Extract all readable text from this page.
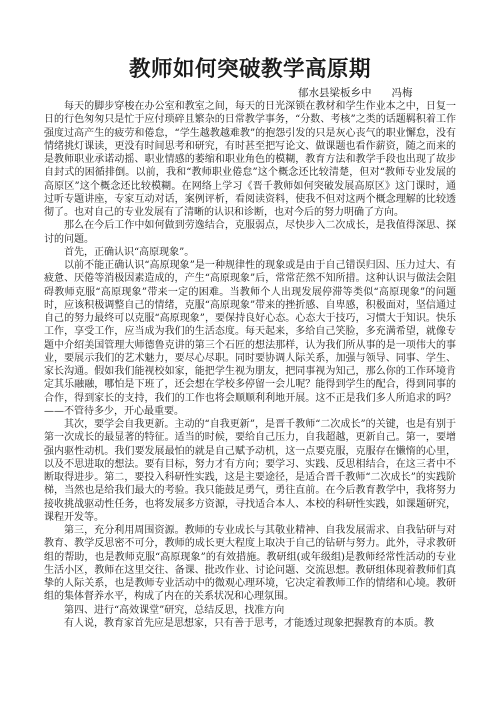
教师如何突破教学高原期
郁水县梁板乡中 冯梅

每天的脚步穿梭在办公室和教室之间，每天的日光深锁在教材和学生作业本之中，日复一日的行色匆匆只是忙于应付琐碎且繁杂的日常教学事务，“分数、考核”之类的话题羁积着工作强度过高产生的疲劳和倦怠，“学生越教越难教”的抱怨引发的只是灰心丧气的职业懈怠，没有情绪挑灯课读，更没有时间思考和研究，有时甚至把写论文、做课题也看作薪资，随之而来的是教师职业承诺动摇、职业情感的萎缩和职业角色的模糊，教育方法和教学手段也出现了故步自封式的困循排倒。以前，我和“教师职业倦怠”这个概念还比较清楚，但对“教师专业发展的高原区”这个概念还比较模糊。在网络上学习《晋千教师如何突破发展高原区》这门课时，通过听专题讲座，专家互动对话，案例评析，看阅读资料，使我不但对这两个概念理解的比较透彻了。也对自己的专业发展有了清晰的认识和诊断，也对今后的努力明确了方向。

那么在今后工作中如何做到劳逸结合，克服弱点，尽快步入二次成长，是我值得深思、探讨的问题。

首先，正确认识“高原现象”。

以前不能正确认识“高原现象”是一种规律性的现象或是由于自己错误归因、压力过大、有疲惫、厌倦等消极因素造成的，产生“高原现象”后，常常茫然不知所措。这种认识与做法会阻碍教师克服“高原现象”带来一定的困难。当教师个人出现发展停滞等类似“高原现象”的问题时，应该积极调整自己的情绪，克服“高原现象”带来的挫折感、自卑感，积极面对，坚信通过自己的努力最终可以克服“高原现象”，要保持良好心态。心态大于技巧，习惯大于知识。快乐工作，享受工作，应当成为我们的生活态度。每天起来，多给自己笑脸，多充满希望，就像专题中介绍美国管理大师德鲁克讲的第三个石匠的想法那样，认为我们所从事的是一项伟大的事业，要展示我们的艺术魅力，要尽心尽职。同时要协调人际关系，加强与领导、同事、学生、家长沟通。假如我们能视校如家，能把学生视为朋友，把同事视为知己，那么你的工作环境肯定其乐融融，哪怕是下班了，还会想在学校多停留一会儿呢？能得到学生的配合，得到同事的合作，得到家长的支持，我们的工作也将会顺顺利利地开展。这不正是我们多人所追求的吗？——不管待多少，开心最重要。

其次，要学会自我更新。主动的“自我更新”，是晋千教师“二次成长”的关键，也是有别于第一次成长的最显著的特征。适当的时候，要给自己压力，自我超越，更新自己。第一，要增强内驱性动机。我们要发展最怕的就是自己赋予动机，这一点要克服，克服存在懒惰的心里，以及不思进取的想法。要有目标，努力才有方向；要学习、实践、反思相结合，在这三者中不断取得进步。第二，要投入科研性实践，这是主要途径，是适合晋千教师“二次成长”的实践阶梯，当然也是给我们最大的考验。我只能鼓足勇气，勇往直前。在今后教育教学中，我将努力接收挑战驱动性任务，也将发展多方资源，寻找适合本人、本校的科研性实践，如课题研究，课程开发等。

第三，充分利用周围资源。教师的专业成长与其敬业精神、自我发展需求、自我钻研与对教育、教学反思密不可分，教师的成长更大程度上取决于自己的钻研与努力。此外，寻求教研组的帮助，也是教师克服“高原现象”的有效措施。教研组(或年级组)是教师经常性活动的专业生活小区，教师在这里交往、备课、批改作业、讨论问题、交流思想。教研组体现着教师们真挚的人际关系，也是教师专业活动中的微观心理环境，它决定着教师工作的情绪和心境。教研组的集体督养水平，构成了内在的关系状况和心理氛围。

第四、进行“高效课堂”研究，总结反思，找准方向

有人说，教育家首先应是思想家，只有善于思考，才能透过现象把握教育的本质。教
